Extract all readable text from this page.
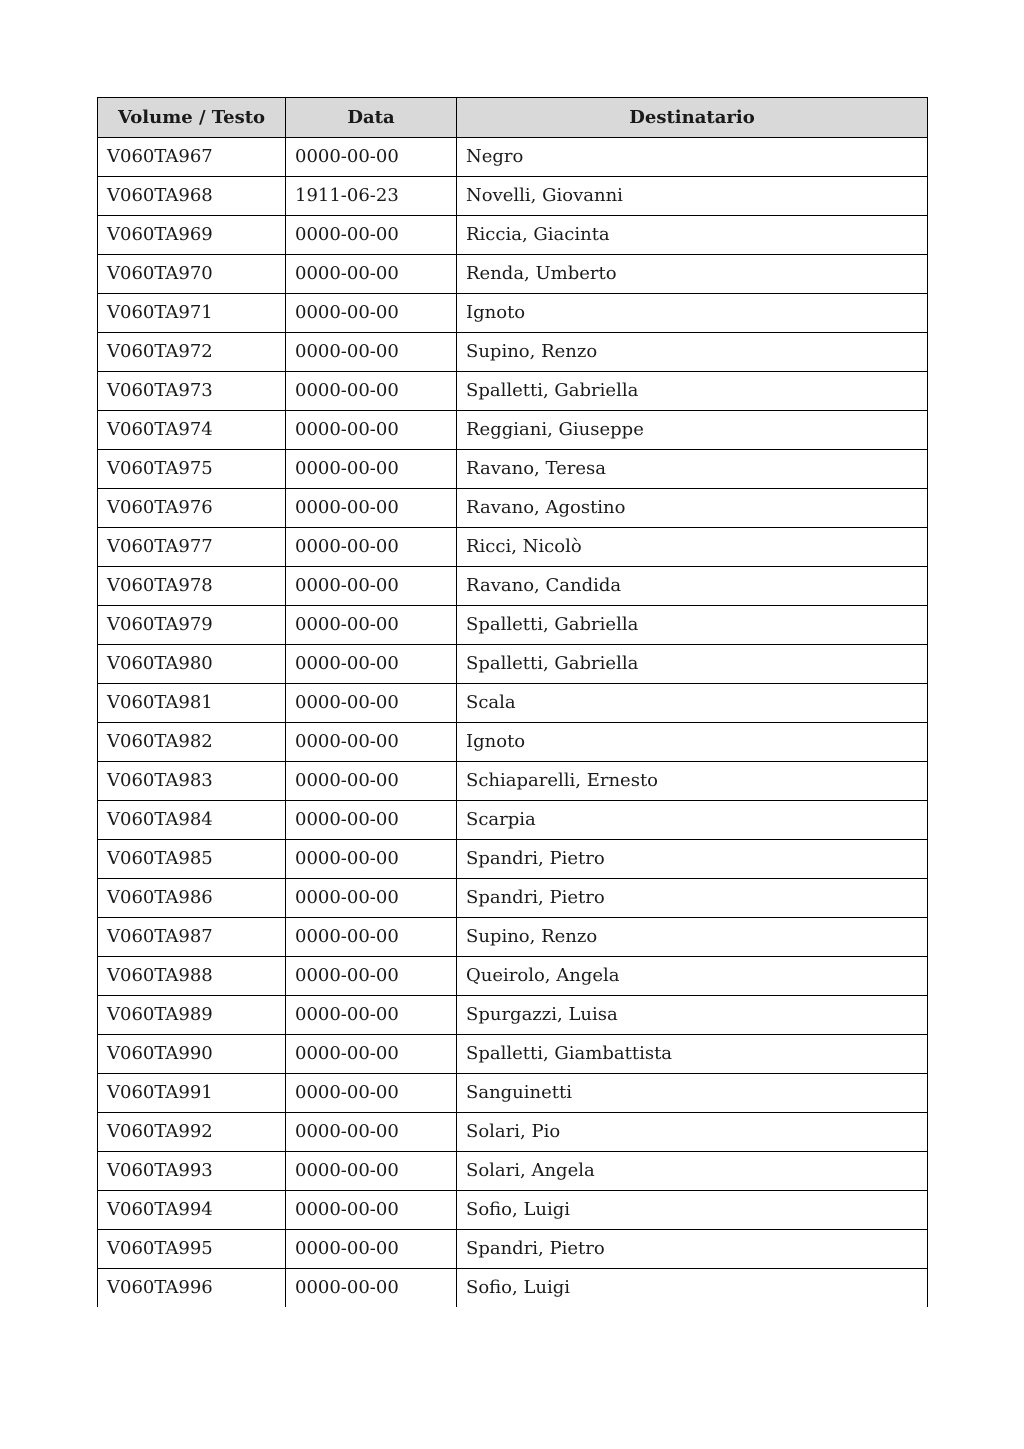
Volume / Testo	Data	Destinatario
V060TA967	0000-00-00	Negro
V060TA968	1911-06-23	Novelli, Giovanni
V060TA969	0000-00-00	Riccia, Giacinta
V060TA970	0000-00-00	Renda, Umberto
V060TA971	0000-00-00	Ignoto
V060TA972	0000-00-00	Supino, Renzo
V060TA973	0000-00-00	Spalletti, Gabriella
V060TA974	0000-00-00	Reggiani, Giuseppe
V060TA975	0000-00-00	Ravano, Teresa
V060TA976	0000-00-00	Ravano, Agostino
V060TA977	0000-00-00	Ricci, Nicolò
V060TA978	0000-00-00	Ravano, Candida
V060TA979	0000-00-00	Spalletti, Gabriella
V060TA980	0000-00-00	Spalletti, Gabriella
V060TA981	0000-00-00	Scala
V060TA982	0000-00-00	Ignoto
V060TA983	0000-00-00	Schiaparelli, Ernesto
V060TA984	0000-00-00	Scarpia
V060TA985	0000-00-00	Spandri, Pietro
V060TA986	0000-00-00	Spandri, Pietro
V060TA987	0000-00-00	Supino, Renzo
V060TA988	0000-00-00	Queirolo, Angela
V060TA989	0000-00-00	Spurgazzi, Luisa
V060TA990	0000-00-00	Spalletti, Giambattista
V060TA991	0000-00-00	Sanguinetti
V060TA992	0000-00-00	Solari, Pio
V060TA993	0000-00-00	Solari, Angela
V060TA994	0000-00-00	Sofio, Luigi
V060TA995	0000-00-00	Spandri, Pietro
V060TA996	0000-00-00	Sofio, Luigi
